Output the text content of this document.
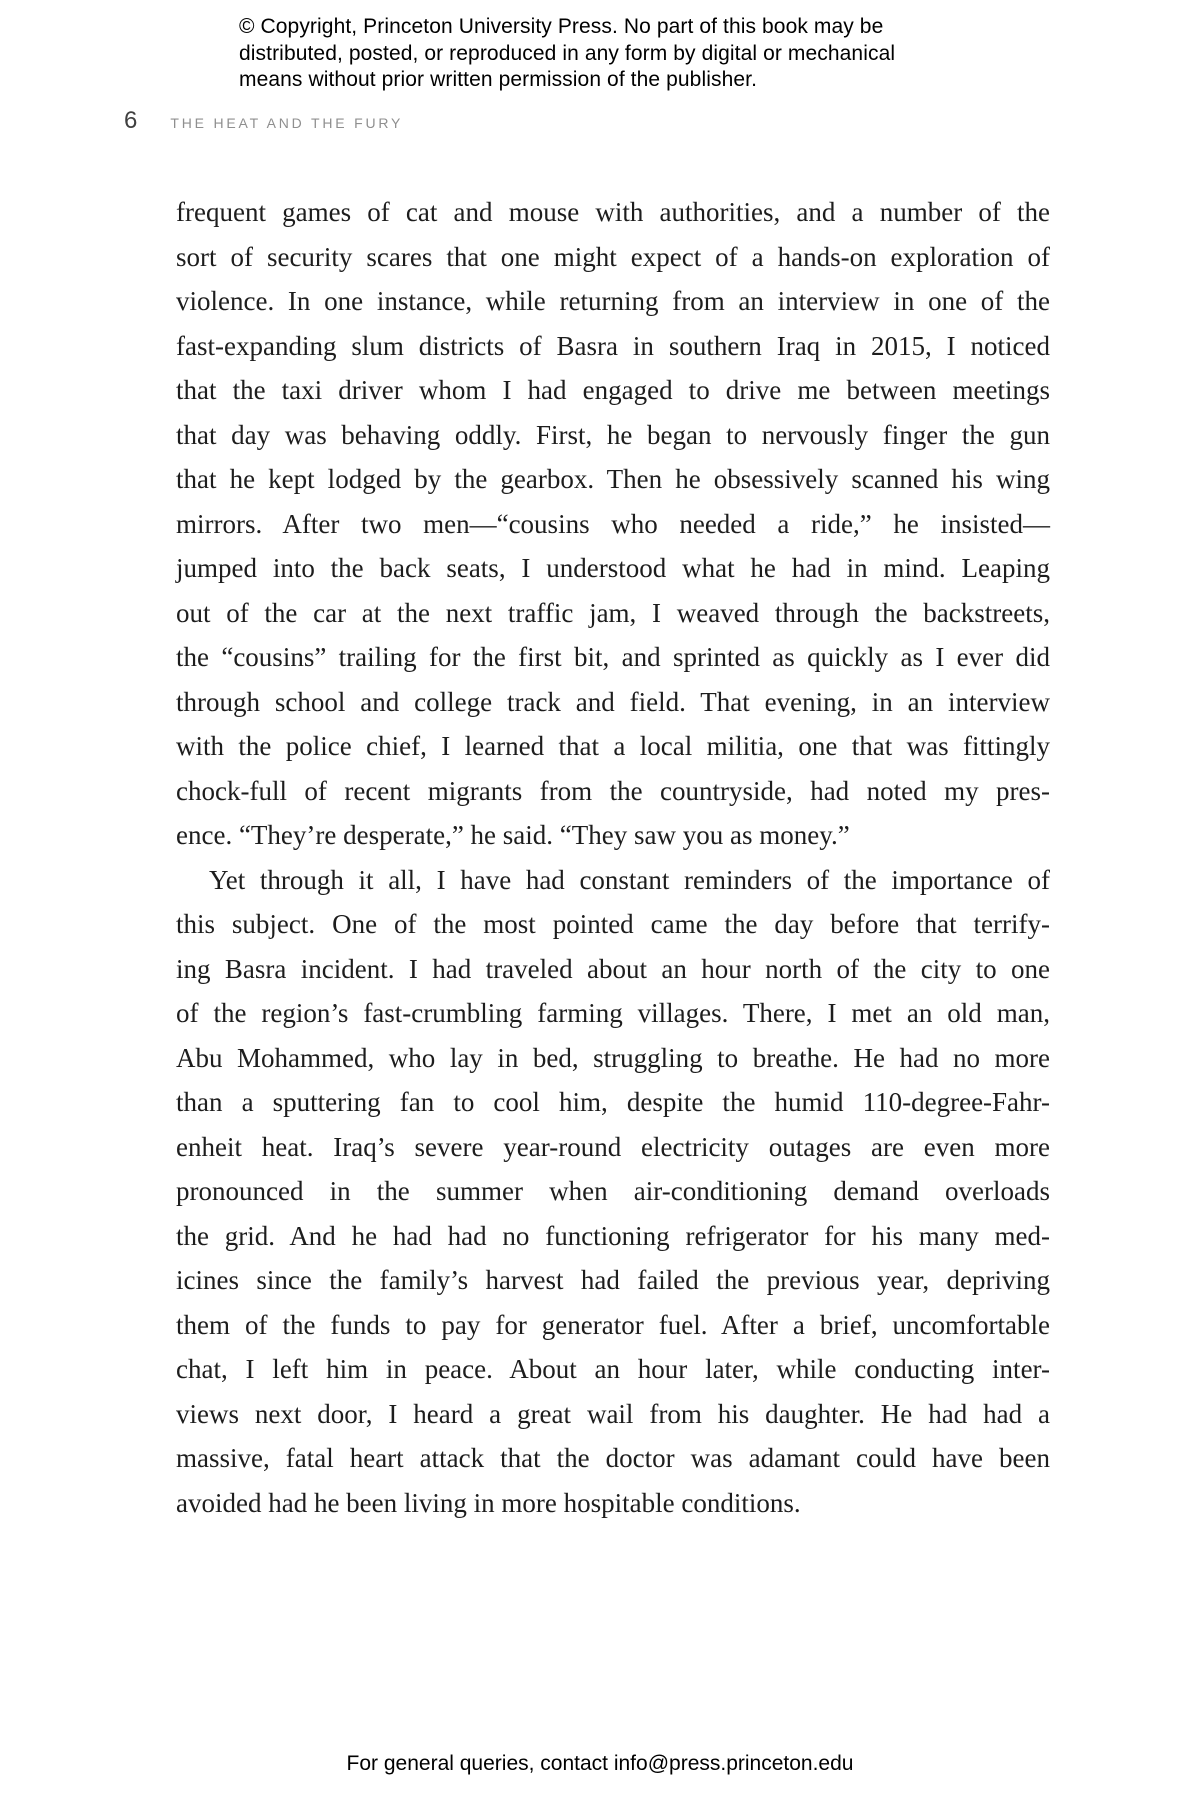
© Copyright, Princeton University Press. No part of this book may be
distributed, posted, or reproduced in any form by digital or mechanical
means without prior written permission of the publisher.
6 THE HEAT AND THE FURY
frequent games of cat and mouse with authorities, and a number of the
sort of security scares that one might expect of a hands-on exploration of
violence. In one instance, while returning from an interview in one of the
fast-expanding slum districts of Basra in southern Iraq in 2015, I noticed
that the taxi driver whom I had engaged to drive me between meetings
that day was behaving oddly. First, he began to nervously finger the gun
that he kept lodged by the gearbox. Then he obsessively scanned his wing
mirrors. After two men—“cousins who needed a ride,” he insisted—
jumped into the back seats, I understood what he had in mind. Leaping
out of the car at the next traffic jam, I weaved through the backstreets,
the “cousins” trailing for the first bit, and sprinted as quickly as I ever did
through school and college track and field. That evening, in an interview
with the police chief, I learned that a local militia, one that was fittingly
chock-full of recent migrants from the countryside, had noted my pres-
ence. “They’re desperate,” he said. “They saw you as money.”
Yet through it all, I have had constant reminders of the importance of
this subject. One of the most pointed came the day before that terrify-
ing Basra incident. I had traveled about an hour north of the city to one
of the region’s fast-crumbling farming villages. There, I met an old man,
Abu Mohammed, who lay in bed, struggling to breathe. He had no more
than a sputtering fan to cool him, despite the humid 110-degree-Fahr-
enheit heat. Iraq’s severe year-round electricity outages are even more
pronounced in the summer when air-conditioning demand overloads
the grid. And he had had no functioning refrigerator for his many med-
icines since the family’s harvest had failed the previous year, depriving
them of the funds to pay for generator fuel. After a brief, uncomfortable
chat, I left him in peace. About an hour later, while conducting inter-
views next door, I heard a great wail from his daughter. He had had a
massive, fatal heart attack that the doctor was adamant could have been
avoided had he been living in more hospitable conditions.
For general queries, contact info@press.princeton.edu
